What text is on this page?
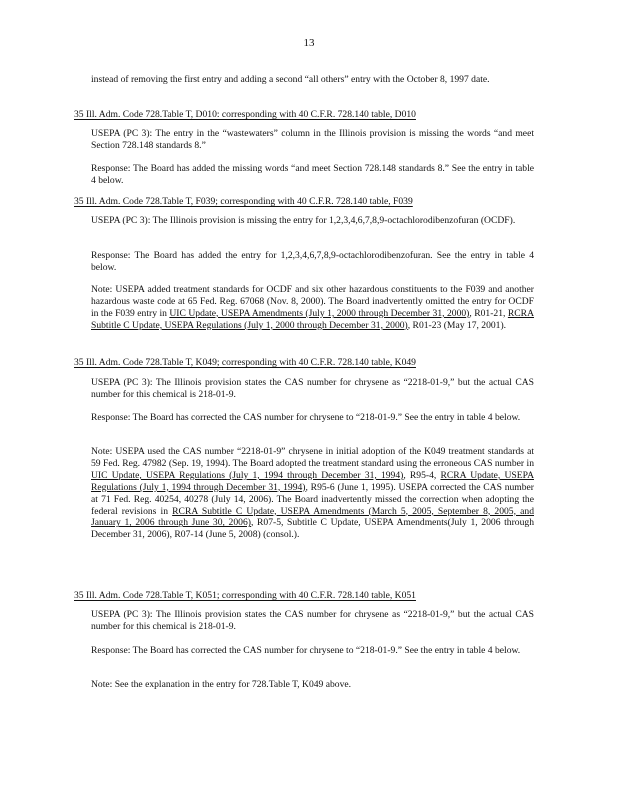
13

instead of removing the first entry and adding a second “all others” entry with the October 8, 1997 date.

35 Ill. Adm. Code 728.Table T, D010: corresponding with 40 C.F.R. 728.140 table, D010

USEPA (PC 3): The entry in the “wastewaters” column in the Illinois provision is missing the words “and meet Section 728.148 standards 8.”

Response: The Board has added the missing words “and meet Section 728.148 standards 8.” See the entry in table 4 below.

35 Ill. Adm. Code 728.Table T, F039; corresponding with 40 C.F.R. 728.140 table, F039

USEPA (PC 3): The Illinois provision is missing the entry for 1,2,3,4,6,7,8,9-octachlorodibenzofuran (OCDF).

Response: The Board has added the entry for 1,2,3,4,6,7,8,9-octachlorodibenzofuran. See the entry in table 4 below.

Note: USEPA added treatment standards for OCDF and six other hazardous constituents to the F039 and another hazardous waste code at 65 Fed. Reg. 67068 (Nov. 8, 2000). The Board inadvertently omitted the entry for OCDF in the F039 entry in UIC Update, USEPA Amendments (July 1, 2000 through December 31, 2000), R01-21, RCRA Subtitle C Update, USEPA Regulations (July 1, 2000 through December 31, 2000), R01-23 (May 17, 2001).

35 Ill. Adm. Code 728.Table T, K049; corresponding with 40 C.F.R. 728.140 table, K049

USEPA (PC 3): The Illinois provision states the CAS number for chrysene as “2218-01-9,” but the actual CAS number for this chemical is 218-01-9.

Response: The Board has corrected the CAS number for chrysene to “218-01-9.” See the entry in table 4 below.

Note: USEPA used the CAS number “2218-01-9” chrysene in initial adoption of the K049 treatment standards at 59 Fed. Reg. 47982 (Sep. 19, 1994). The Board adopted the treatment standard using the erroneous CAS number in UIC Update, USEPA Regulations (July 1, 1994 through December 31, 1994), R95-4, RCRA Update, USEPA Regulations (July 1, 1994 through December 31, 1994), R95-6 (June 1, 1995). USEPA corrected the CAS number at 71 Fed. Reg. 40254, 40278 (July 14, 2006). The Board inadvertently missed the correction when adopting the federal revisions in RCRA Subtitle C Update, USEPA Amendments (March 5, 2005, September 8, 2005, and January 1, 2006 through June 30, 2006), R07-5, Subtitle C Update, USEPA Amendments(July 1, 2006 through December 31, 2006), R07-14 (June 5, 2008) (consol.).

35 Ill. Adm. Code 728.Table T, K051; corresponding with 40 C.F.R. 728.140 table, K051

USEPA (PC 3): The Illinois provision states the CAS number for chrysene as “2218-01-9,” but the actual CAS number for this chemical is 218-01-9.

Response: The Board has corrected the CAS number for chrysene to “218-01-9.” See the entry in table 4 below.

Note: See the explanation in the entry for 728.Table T, K049 above.
